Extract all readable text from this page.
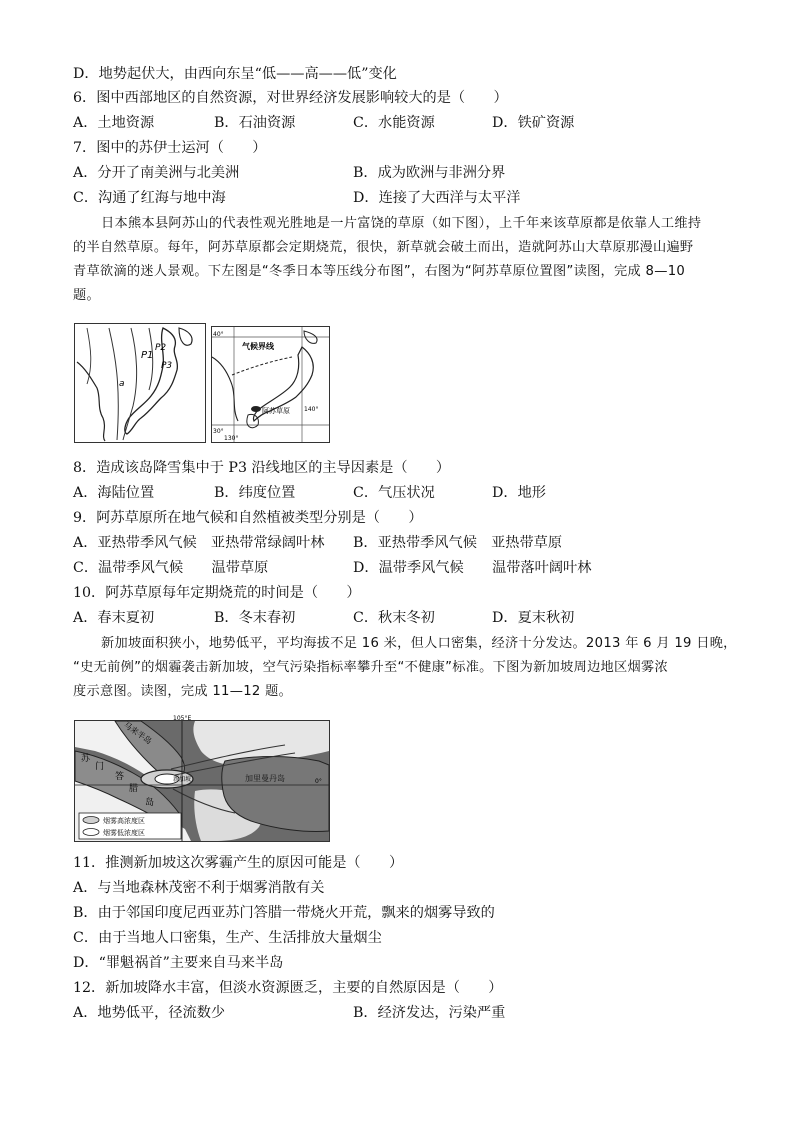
D．地势起伏大，由西向东呈“低——高——低”变化
6．图中西部地区的自然资源，对世界经济发展影响较大的是（　　）
A．土地资源	B．石油资源	C．水能资源	D．铁矿资源
7．图中的苏伊士运河（　　）
A．分开了南美洲与北美洲	B．成为欧洲与非洲分界
C．沟通了红海与地中海	D．连接了大西洋与太平洋
日本熊本县阿苏山的代表性观光胜地是一片富饶的草原（如下图），上千年来该草原都是依靠人工维持
的半自然草原。每年，阿苏草原都会定期烧荒，很快，新草就会破土而出，造就阿苏山大草原那漫山遍野
青草欲滴的迷人景观。下左图是“冬季日本等压线分布图”，右图为“阿苏草原位置图”读图，完成 8—10
题。
P1
P2
P3
a
气候界线
阿苏草原
40°
30°
130°
140°
8．造成该岛降雪集中于 P3 沿线地区的主导因素是（　　）
A．海陆位置	B．纬度位置	C．气压状况	D．地形
9．阿苏草原所在地气候和自然植被类型分别是（　　）
A．亚热带季风气候　亚热带常绿阔叶林 B．亚热带季风气候　亚热带草原
C．温带季风气候　　温带草原	D．温带季风气候　　温带落叶阔叶林
10．阿苏草原每年定期烧荒的时间是（　　）
A．春末夏初	B．冬末春初	C．秋末冬初	D．夏末秋初
新加坡面积狭小，地势低平，平均海拔不足 16 米，但人口密集，经济十分发达。2013 年 6 月 19 日晚，
“史无前例”的烟霾袭击新加坡，空气污染指标率攀升至“不健康”标准。下图为新加坡周边地区烟雾浓
度示意图。读图，完成 11—12 题。
烟雾高浓度区
烟雾低浓度区
105°E
0°
马来半岛
苏
门
答
腊
岛
新加坡	加里曼丹岛
11．推测新加坡这次雾霾产生的原因可能是（　　）
A．与当地森林茂密不利于烟雾消散有关
B．由于邻国印度尼西亚苏门答腊一带烧火开荒，飘来的烟雾导致的
C．由于当地人口密集，生产、生活排放大量烟尘
D．“罪魁祸首”主要来自马来半岛
12．新加坡降水丰富，但淡水资源匮乏，主要的自然原因是（　　）
A．地势低平，径流数少	B．经济发达，污染严重
